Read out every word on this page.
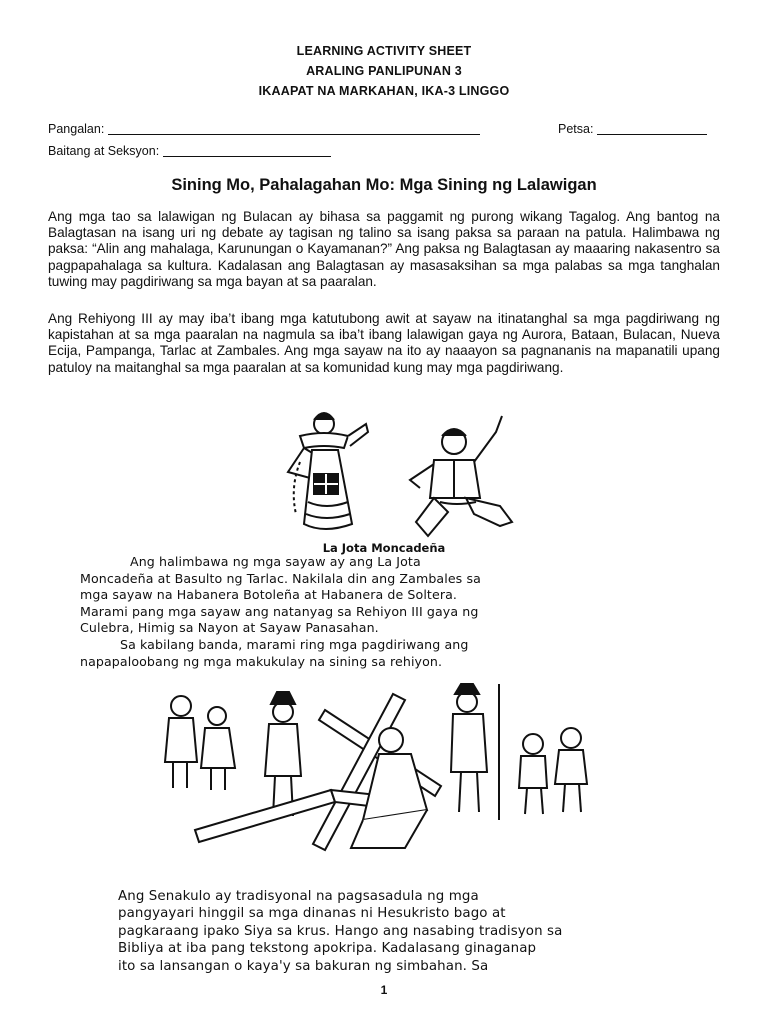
LEARNING ACTIVITY SHEET
ARALING PANLIPUNAN 3
IKAAPAT NA MARKAHAN, IKA-3 LINGGO
Pangalan:	Petsa:
Baitang at Seksyon:
Sining Mo, Pahalagahan Mo: Mga Sining ng Lalawigan
Ang mga tao sa lalawigan ng Bulacan ay bihasa sa paggamit ng purong wikang Tagalog. Ang bantog na Balagtasan na isang uri ng debate ay tagisan ng talino sa isang paksa sa paraan na patula. Halimbawa ng paksa: “Alin ang mahalaga, Karunungan o Kayamanan?” Ang paksa ng Balagtasan ay maaaring nakasentro sa pagpapahalaga sa kultura. Kadalasan ang Balagtasan ay masasaksihan sa mga palabas sa mga tanghalan tuwing may pagdiriwang sa mga bayan at sa paaralan.
Ang Rehiyong III ay may iba’t ibang mga katutubong awit at sayaw na itinatanghal sa mga pagdiriwang ng kapistahan at sa mga paaralan na nagmula sa iba’t ibang lalawigan gaya ng Aurora, Bataan, Bulacan, Nueva Ecija, Pampanga, Tarlac at Zambales. Ang mga sayaw na ito ay naaayon sa pagnananis na mapanatili upang patuloy na maitanghal sa mga paaralan at sa komunidad kung may mga pagdiriwang.
La Jota Moncadeña
Ang halimbawa ng mga sayaw ay ang La Jota
Moncadeña at Basulto ng Tarlac. Nakilala din ang Zambales sa
mga sayaw na Habanera Botoleña at Habanera de Soltera.
Marami pang mga sayaw ang natanyag sa Rehiyon III gaya ng
Culebra, Himig sa Nayon at Sayaw Panasahan.
Sa kabilang banda, marami ring mga pagdiriwang ang
napapaloobang ng mga makukulay na sining sa rehiyon.
Ang Senakulo ay tradisyonal na pagsasadula ng mga
pangyayari hinggil sa mga dinanas ni Hesukristo bago at
pagkaraang ipako Siya sa krus. Hango ang nasabing tradisyon sa
Bibliya at iba pang tekstong apokripa. Kadalasang ginaganap
ito sa lansangan o kaya'y sa bakuran ng simbahan. Sa
1
